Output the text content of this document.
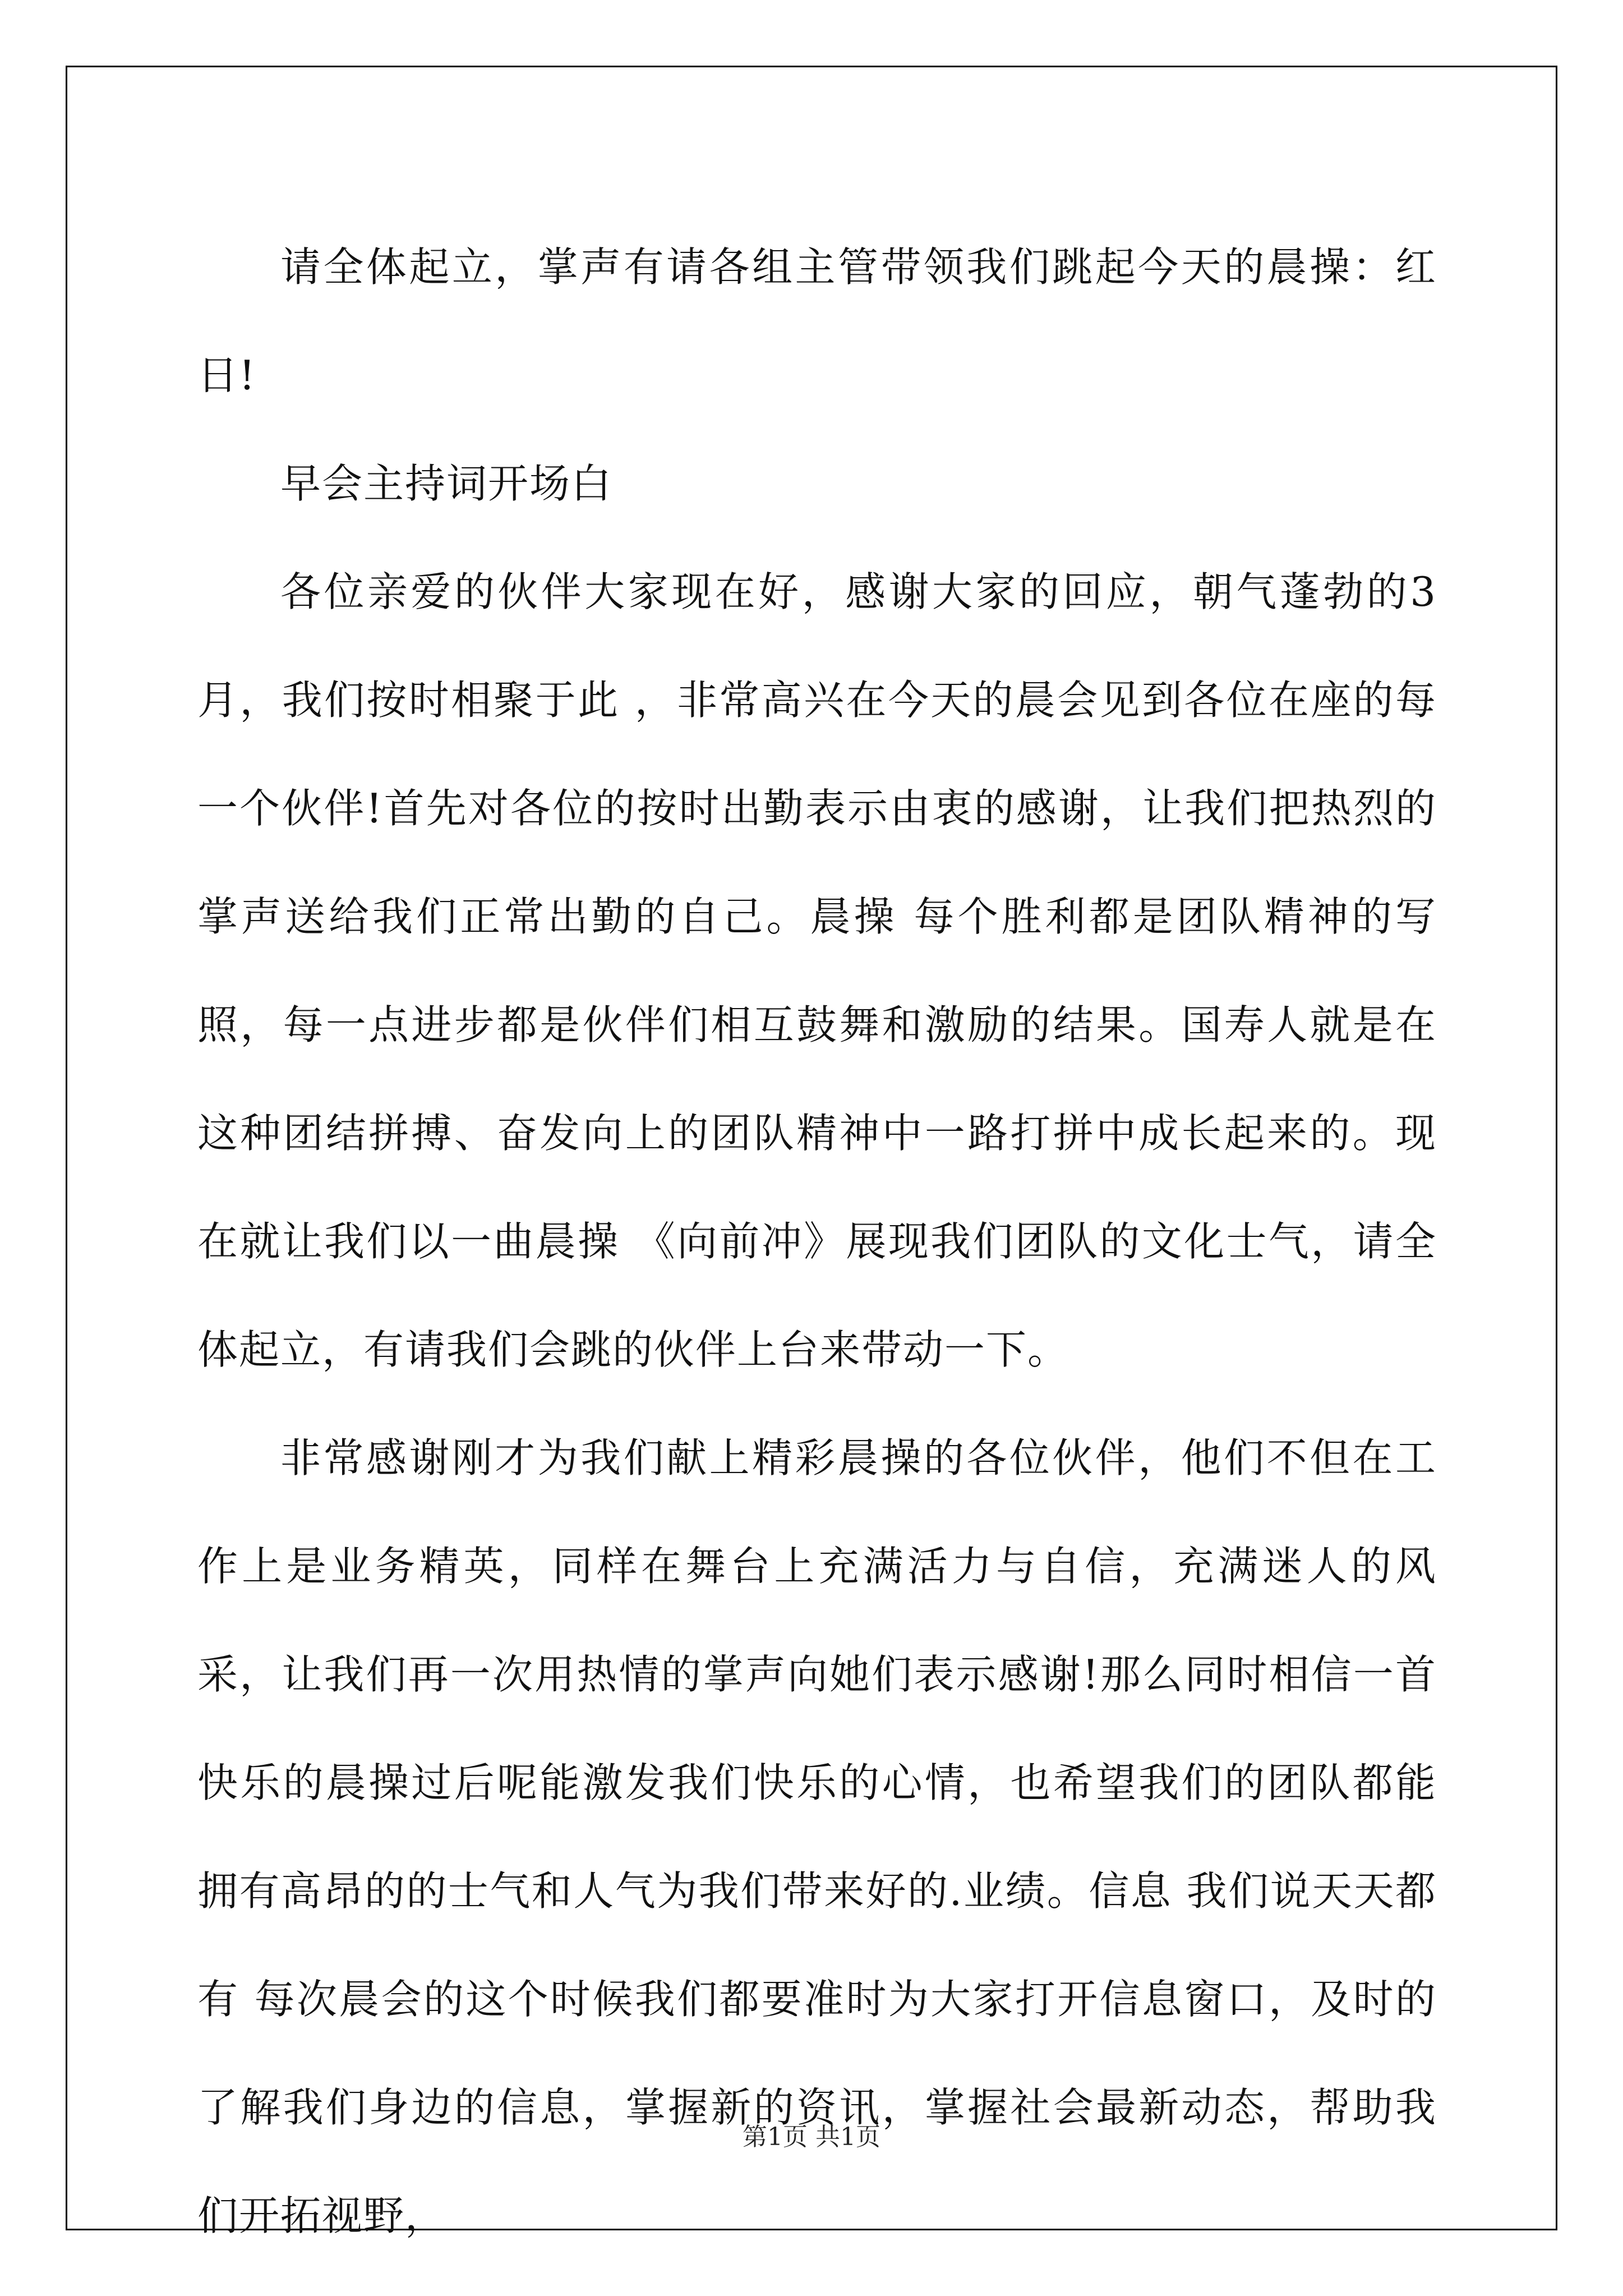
请全体起立，掌声有请各组主管带领我们跳起今天的晨操：红日!

早会主持词开场白

各位亲爱的伙伴大家现在好，感谢大家的回应，朝气蓬勃的3月，我们按时相聚于此 ，非常高兴在今天的晨会见到各位在座的每一个伙伴!首先对各位的按时出勤表示由衷的感谢，让我们把热烈的掌声送给我们正常出勤的自己。晨操 每个胜利都是团队精神的写照，每一点进步都是伙伴们相互鼓舞和激励的结果。国寿人就是在这种团结拼搏、奋发向上的团队精神中一路打拼中成长起来的。现在就让我们以一曲晨操 《向前冲》展现我们团队的文化士气，请全体起立，有请我们会跳的伙伴上台来带动一下。

非常感谢刚才为我们献上精彩晨操的各位伙伴，他们不但在工作上是业务精英，同样在舞台上充满活力与自信，充满迷人的风采，让我们再一次用热情的掌声向她们表示感谢!那么同时相信一首快乐的晨操过后呢能激发我们快乐的心情，也希望我们的团队都能拥有高昂的的士气和人气为我们带来好的.业绩。信息 我们说天天都有 每次晨会的这个时候我们都要准时为大家打开信息窗口，及时的了解我们身边的信息，掌握新的资讯，掌握社会最新动态，帮助我们开拓视野，

第1页 共1页
